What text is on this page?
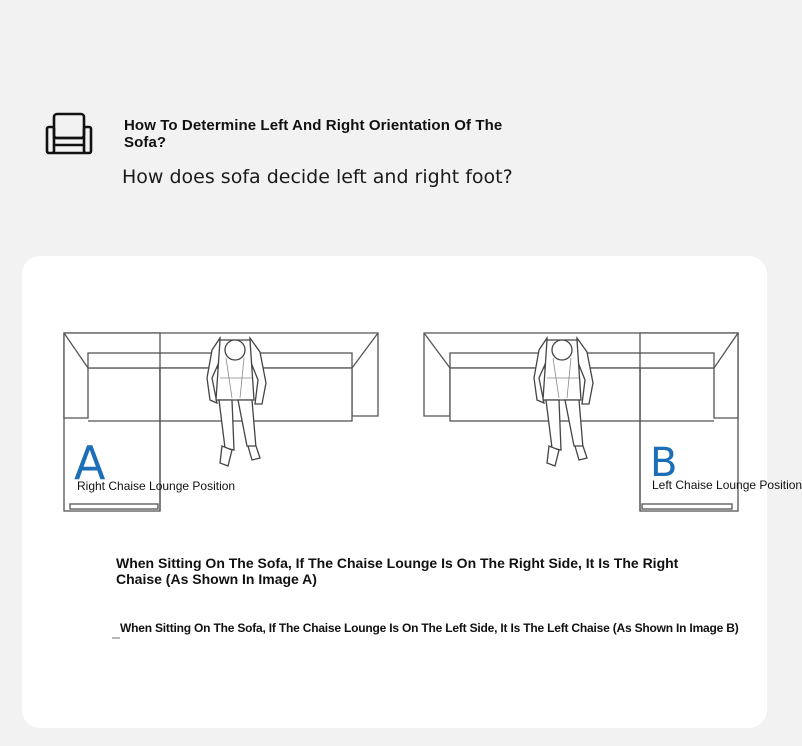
How To Determine Left And Right Orientation Of The Sofa?
How does sofa decide left and right foot?
A
Right Chaise Lounge Position	B
Left Chaise Lounge Position
When Sitting On The Sofa, If The Chaise Lounge Is On The Right Side, It Is The Right Chaise (As Shown In Image A)
When Sitting On The Sofa, If The Chaise Lounge Is On The Left Side, It Is The Left Chaise (As Shown In Image B)
